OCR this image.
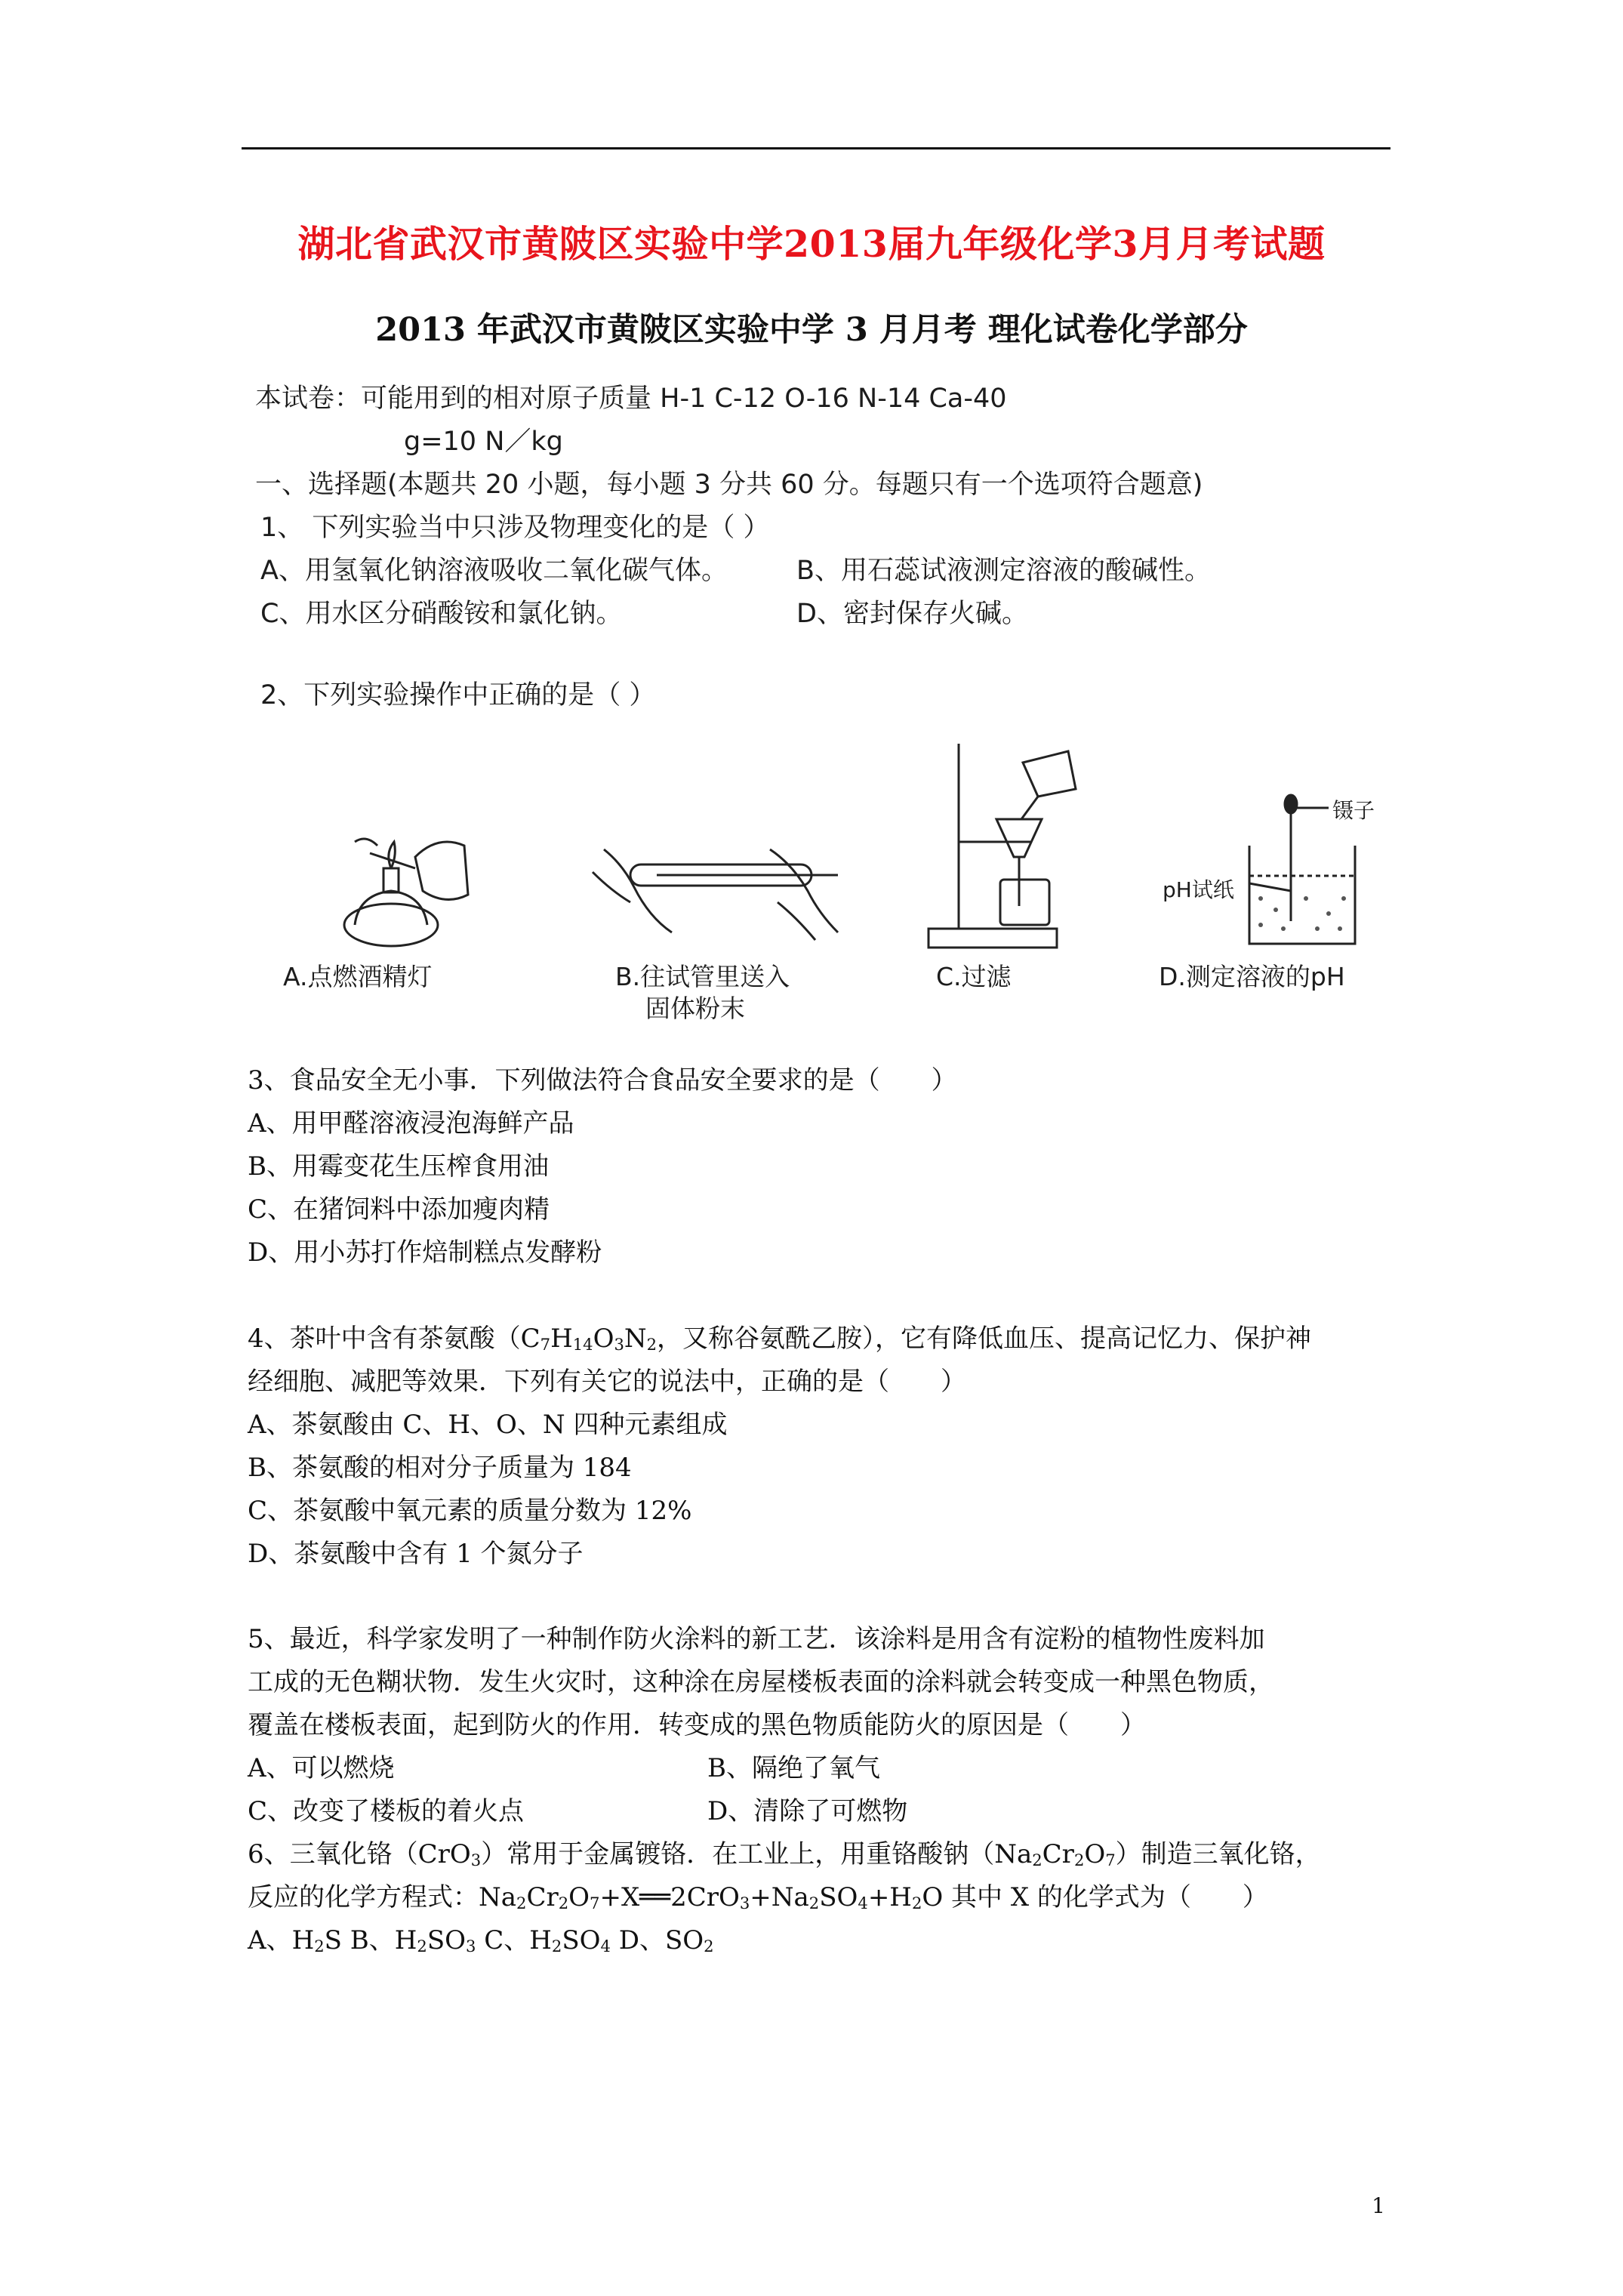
湖北省武汉市黄陂区实验中学2013届九年级化学3月月考试题
2013 年武汉市黄陂区实验中学 3 月月考 理化试卷化学部分
本试卷：可能用到的相对原子质量 H-1 C-12 O-16 N-14 Ca-40
g=10 N／kg
一、选择题(本题共 20 小题，每小题 3 分共 60 分。每题只有一个选项符合题意)
1、 下列实验当中只涉及物理变化的是（ ）
A、用氢氧化钠溶液吸收二氧化碳气体。	B、用石蕊试液测定溶液的酸碱性。
C、用水区分硝酸铵和氯化钠。	D、密封保存火碱。
2、下列实验操作中正确的是（ ）
A.点燃酒精灯	B.往试管里送入
固体粉末
C.过滤
镊子
pH试纸
D.测定溶液的pH
3、食品安全无小事．下列做法符合食品安全要求的是（　　）
A、用甲醛溶液浸泡海鲜产品
B、用霉变花生压榨食用油
C、在猪饲料中添加瘦肉精
D、用小苏打作焙制糕点发酵粉
4、茶叶中含有茶氨酸（$C_7H_{14}O_3N_2$，又称谷氨酰乙胺），它有降低血压、提高记忆力、保护神
经细胞、减肥等效果．下列有关它的说法中，正确的是（　　）
A、茶氨酸由 C、H、O、N 四种元素组成
B、茶氨酸的相对分子质量为 184
C、茶氨酸中氧元素的质量分数为 12%
D、茶氨酸中含有 1 个氮分子
5、最近，科学家发明了一种制作防火涂料的新工艺．该涂料是用含有淀粉的植物性废料加
工成的无色糊状物．发生火灾时，这种涂在房屋楼板表面的涂料就会转变成一种黑色物质，
覆盖在楼板表面，起到防火的作用．转变成的黑色物质能防火的原因是（　　）
A、可以燃烧	B、隔绝了氧气
C、改变了楼板的着火点	D、清除了可燃物
6、三氧化铬（CrO$_3$）常用于金属镀铬．在工业上，用重铬酸钠$(Na_2Cr_2O_7)$制造三氧化铬，
反应的化学方程式：$Na_2Cr_2O_7+X══2CrO_3+Na_2SO_4+H_2O$ 其中 X 的化学式为（　　）
A、$H_2S$ B、$H_2SO_3$ C、$H_2SO_4$ D、$SO_2$
1
